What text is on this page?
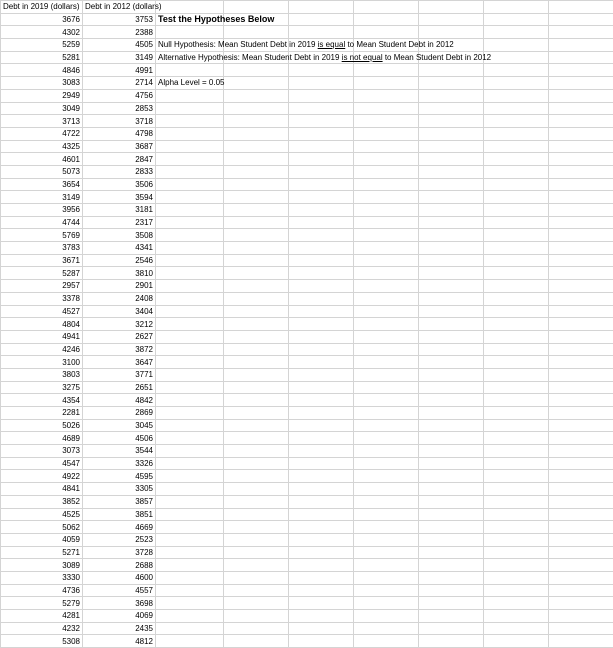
Debt in 2019 (dollars)	Debt in 2012 (dollars)							
3676	3753	Test the Hypotheses Below						

4302	2388							
5259	4505	Null Hypothesis: Mean Student Debt in 2019 is equal to Mean Student Debt in 2012						

5281	3149	Alternative Hypothesis: Mean Student Debt in 2019 is not equal to Mean Student Debt in 2012						

4846	4991							
3083	2714	Alpha Level = 0.05						

2949	4756							
3049	2853							
3713	3718							
4722	4798							
4325	3687							
4601	2847							
5073	2833							
3654	3506							
3149	3594							
3956	3181							
4744	2317							
5769	3508							
3783	4341							
3671	2546							
5287	3810							
2957	2901							
3378	2408							
4527	3404							
4804	3212							
4941	2627							
4246	3872							
3100	3647							
3803	3771							
3275	2651							
4354	4842							
2281	2869							
5026	3045							
4689	4506							
3073	3544							
4547	3326							
4922	4595							
4841	3305							
3852	3857							
4525	3851							
5062	4669							
4059	2523							
5271	3728							
3089	2688							
3330	4600							
4736	4557							
5279	3698							
4281	4069							
4232	2435							
5308	4812							
